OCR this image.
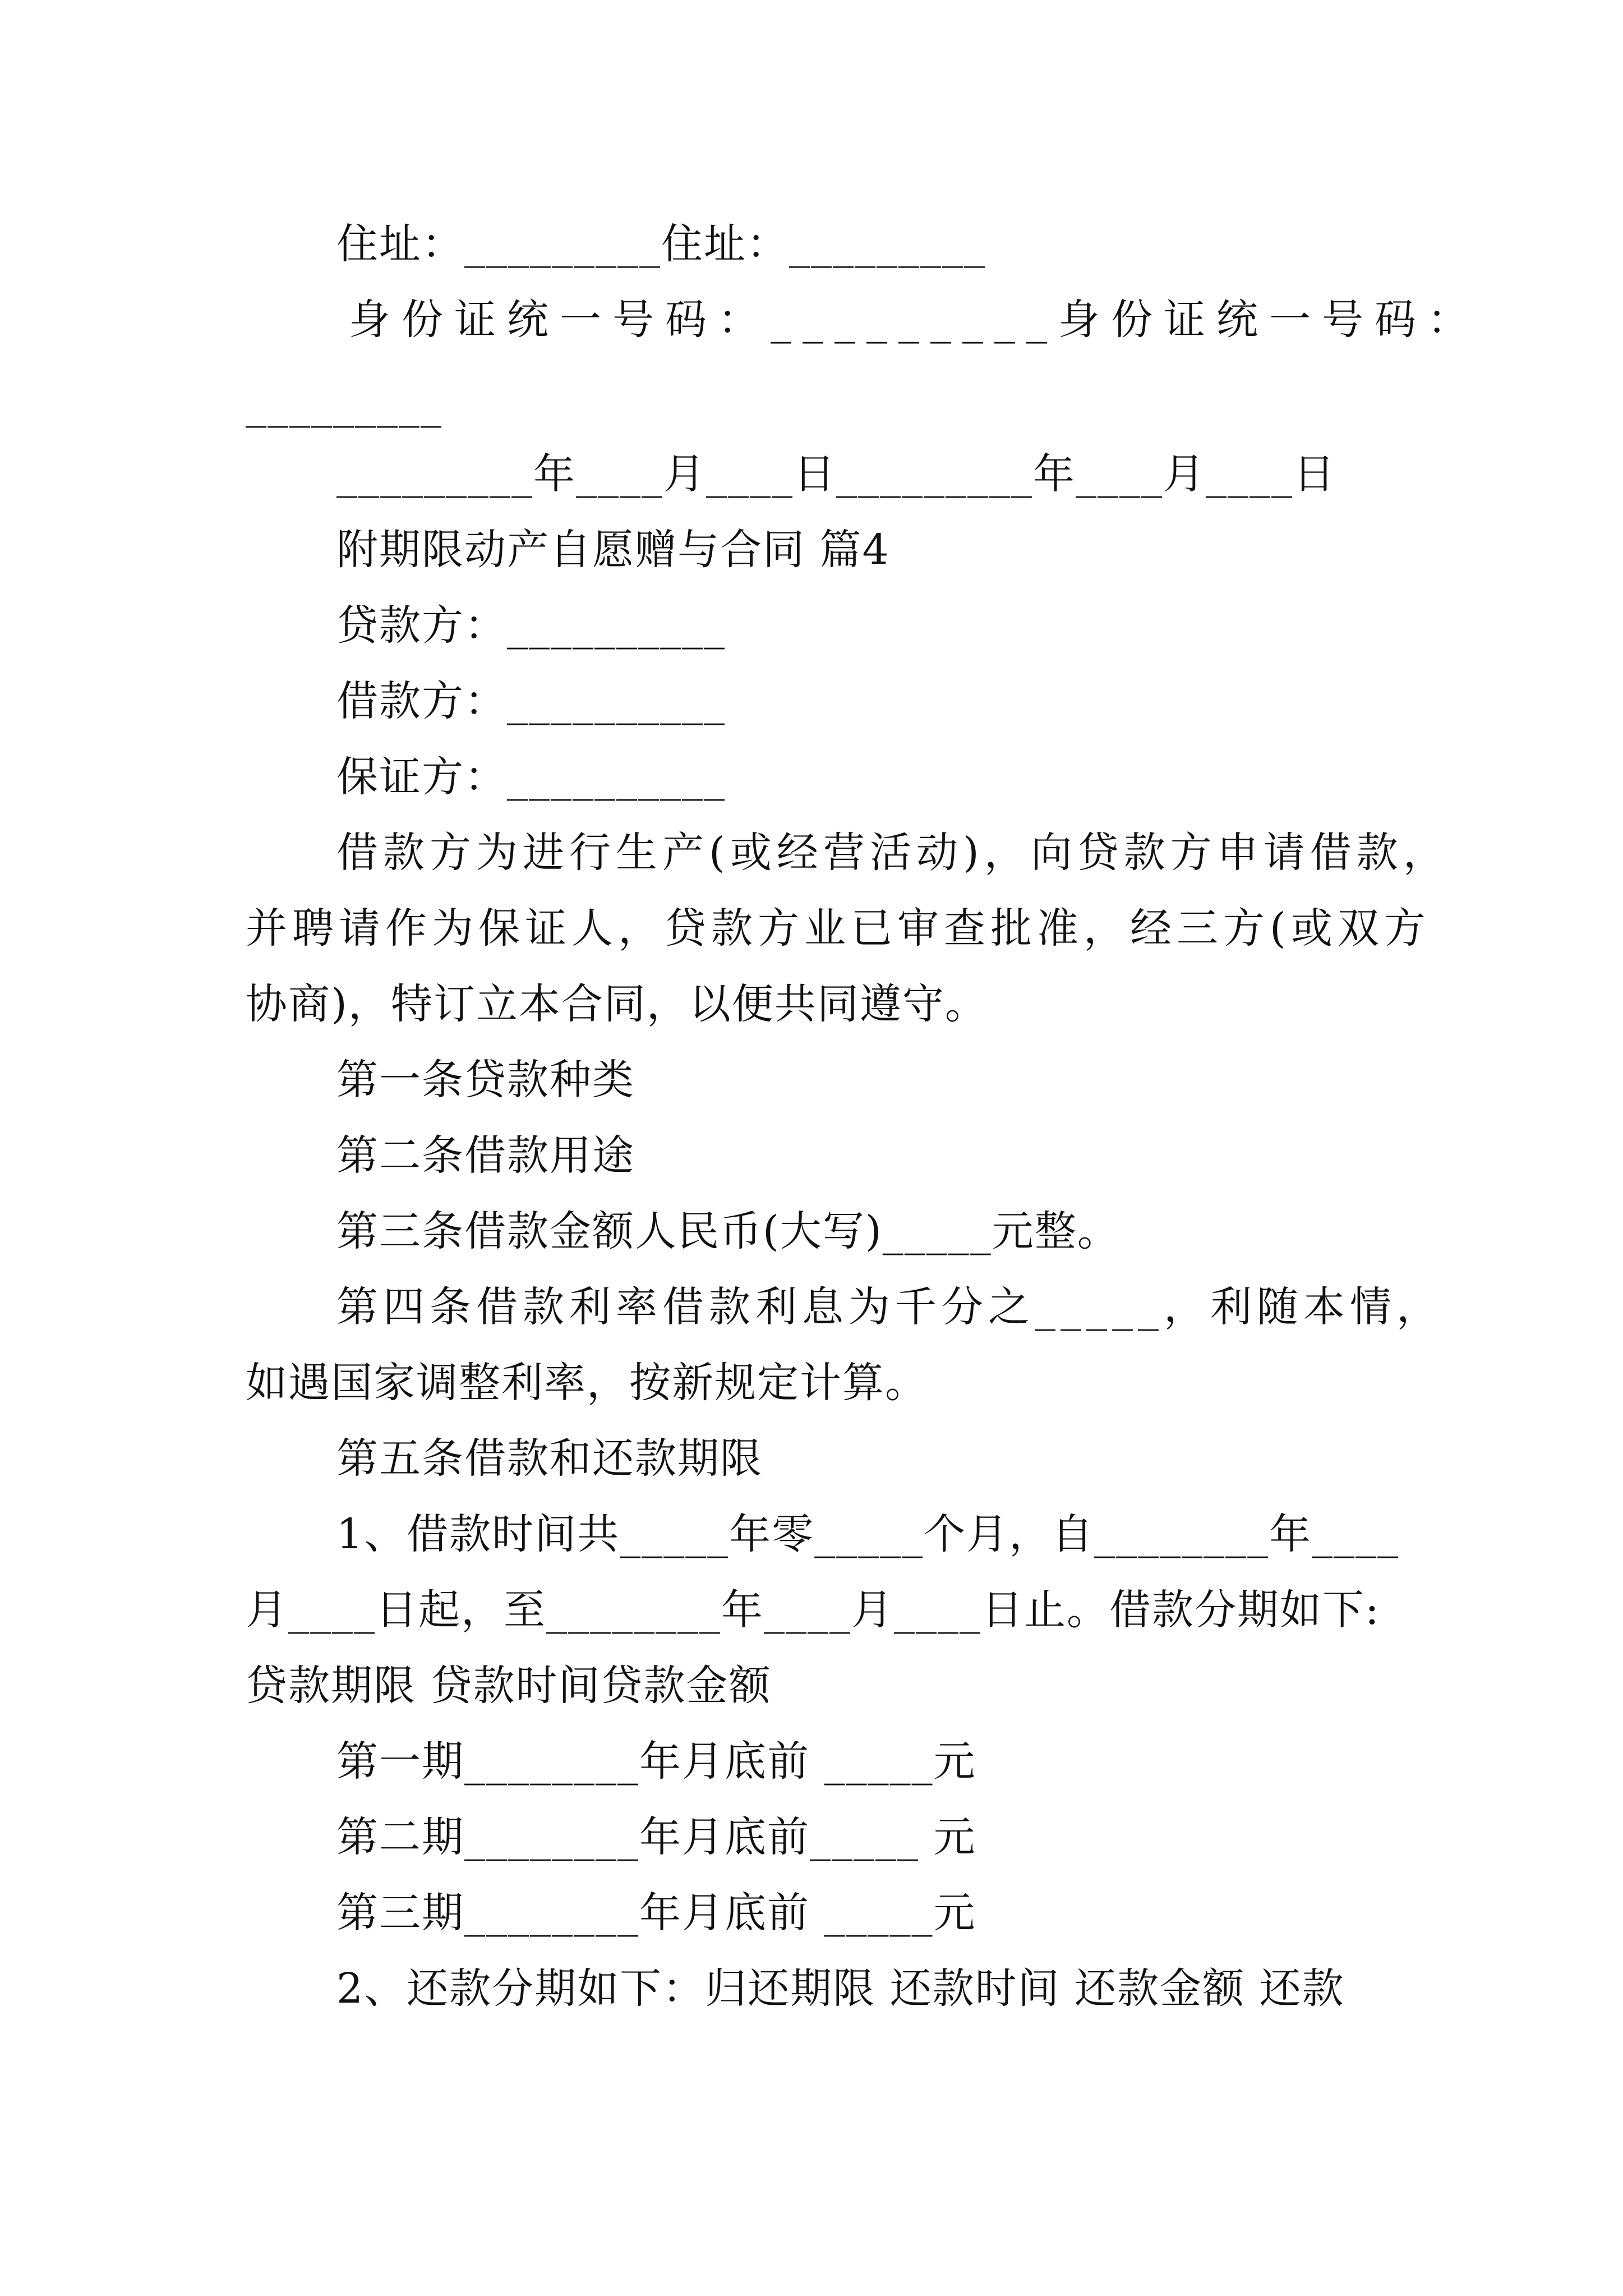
住址：_________住址：_________
身份证统一号码：_________身份证统一号码：
_________
_________年____月____日_________年____月____日
附期限动产自愿赠与合同 篇4
贷款方：__________
借款方：__________
保证方：__________
借款方为进行生产(或经营活动)，向贷款方申请借款，
并聘请作为保证人，贷款方业已审查批准，经三方(或双方
协商)，特订立本合同，以便共同遵守。
第一条贷款种类
第二条借款用途
第三条借款金额人民币(大写)_____元整。
第四条借款利率借款利息为千分之_____，利随本情，
如遇国家调整利率，按新规定计算。
第五条借款和还款期限
1、借款时间共_____年零_____个月，自________年____
月____日起，至________年____月____日止。借款分期如下:
贷款期限 贷款时间贷款金额
第一期________年月底前 _____元
第二期________年月底前_____ 元
第三期________年月底前 _____元
2、还款分期如下：归还期限 还款时间 还款金额 还款
